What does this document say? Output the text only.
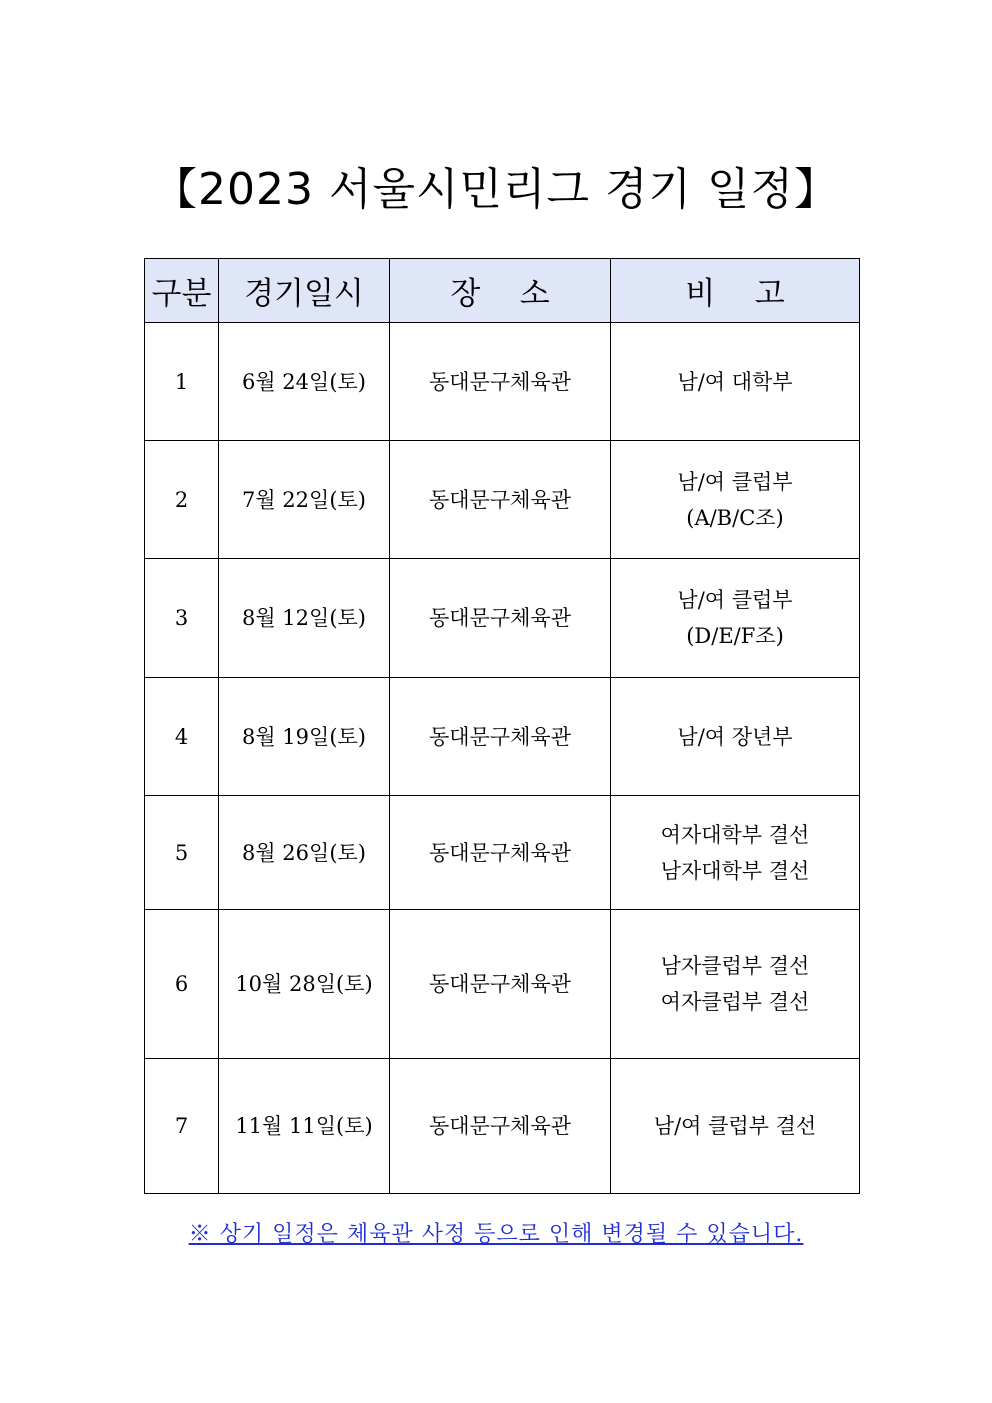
【2023 서울시민리그 경기 일정】
구분	경기일시	장    소	비    고
1	6월 24일(토)	동대문구체육관	남/여 대학부

2	7월 22일(토)	동대문구체육관	남/여 클럽부
(A/B/C조)

3	8월 12일(토)	동대문구체육관	남/여 클럽부
(D/E/F조)

4	8월 19일(토)	동대문구체육관	남/여 장년부

5	8월 26일(토)	동대문구체육관	여자대학부 결선
남자대학부 결선

6	10월 28일(토)	동대문구체육관	남자클럽부 결선
여자클럽부 결선

7	11월 11일(토)	동대문구체육관	남/여 클럽부 결선
※ 상기 일정은 체육관 사정 등으로 인해 변경될 수 있습니다.
